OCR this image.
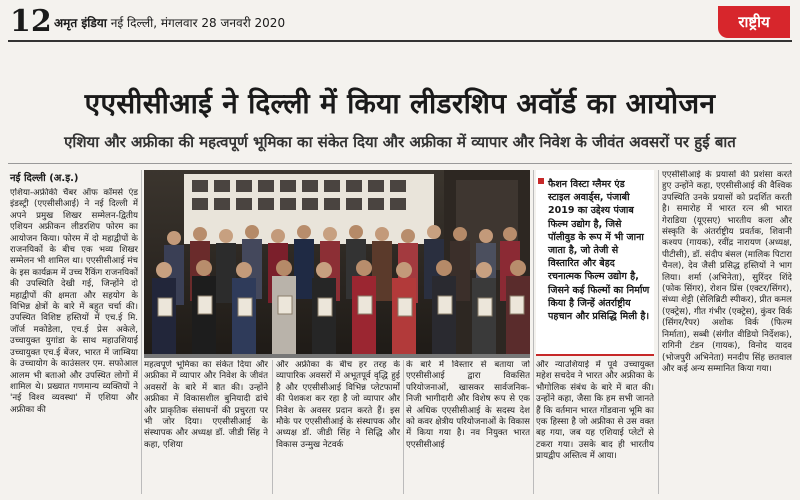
12 अमृत इंडिया नई दिल्ली, मंगलवार 28 जनवरी 2020	राष्ट्रीय
एएसीसीआई ने दिल्ली में किया लीडरशिप अवॉर्ड का आयोजन
एशिया और अफ्रीका की महत्वपूर्ण भूमिका का संकेत दिया और अफ्रीका में व्यापार और निवेश के जीवंत अवसरों पर हुई बात
नई दिल्ली (अ.इ.)
एशिया-अफ्रीकी चैंबर ऑफ कॉमर्स एंड इंडस्ट्री (एएसीसीआई) ने नई दिल्ली में अपने प्रमुख शिखर सम्मेलन-द्वितीय एशियन अफ्रीकन लीडरशिप फोरम का आयोजन किया। फोरम में दो महाद्वीपों के राजनयिकों के बीच एक भव्य शिखर सम्मेलन भी शामिल था। एएसीसीआई मंच के इस कार्यक्रम में उच्च रैंकिंग राजनयिकों की उपस्थिति देखी गई, जिन्होंने दो महाद्वीपों की क्षमता और सहयोग के विभिन्न क्षेत्रों के बारे में बहुत चर्चा की। उपस्थित विशिष्ट हस्तियों में एच.ई मि. जॉर्ज मकोडेला, एच.ई प्रेस अकेले, उच्चायुक्त युगांडा के साथ महाउशियाई उच्चायुक्त एच.ई बेंजर, भारत में जाम्बिया के उच्चायोग के काउंसलर एम. सफोआल आलम भी बताओ और उपस्थित लोगों में शामिल थे। प्रख्यात गणमान्य व्यक्तियों ने 'नई विश्व व्यवस्था' में एशिया और अफ्रीका की
महत्वपूर्ण भूमिका का संकेत दिया और अफ्रीका में व्यापार और निवेश के जीवंत अवसरों के बारे में बात की। उन्होंने अफ्रीका में विकासशील बुनियादी ढांचे और प्राकृतिक संसाधनों की प्रचुरता पर भी जोर दिया। एएसीसीआई के संस्थापक और अध्यक्ष डॉ. जीडी सिंह ने कहा, एशिया
और अफ्रीका के बीच हर तरह के व्यापारिक अवसरों में अभूतपूर्व वृद्धि हुई है और एएसीसीआई विभिन्न प्लेटफार्मों की पेशकश कर रहा है जो व्यापार और निवेश के अवसर प्रदान करते हैं। इस मौके पर एएसीसीआई के संस्थापक और अध्यक्ष डॉ. जीडी सिंह ने सिद्धि और विकास उन्मुख नेटवर्क
के बारे में विस्तार से बताया जो एएसीसीआई द्वारा विकसित परियोजनाओं, खासकर सार्वजनिक-निजी भागीदारी और विशेष रूप से एक से अधिक एएसीसीआई के सदस्य देश को कवर क्षेत्रीय परियोजनाओं के विकास में किया गया है। नव नियुक्त भारत एएसीसीआई
फैशन विस्टा ग्लैमर एंड स्टाइल अवार्ड्स, पंजाबी 2019 का उद्देश्य पंजाब फिल्म उद्योग है, जिसे पॉलीवुड के रूप में भी जाना जाता है, जो तेजी से विस्तारित और बेहद रचनात्मक फिल्म उद्योग है, जिसने कई फिल्मों का निर्माण किया है जिन्हें अंतर्राष्ट्रीय पहचान और प्रसिद्धि मिली है।
और न्याउशियाई में पूर्व उच्चायुक्त महेश सचदेव ने भारत और अफ्रीका के भौगोलिक संबंध के बारे में बात की। उन्होंने कहा, जैसा कि हम सभी जानते हैं कि वर्तमान भारत गोंडवाना भूमि का एक हिस्सा है जो अफ्रीका से उस वक्त बह गया, जब यह एशियाई प्लेटों से टकरा गया। उसके बाद ही भारतीय प्रायद्वीप अस्तित्व में आया।
एएसीसीआई के प्रयासों की प्रशंसा करते हुए उन्होंने कहा, एएसीसीआई की वैश्विक उपस्थिति उनके प्रयासों को प्रदर्शित करती है। समारोह में भारत रत्न श्री भारत गेराडिया (यूएसए) भारतीय कला और संस्कृति के अंतर्राष्ट्रीय प्रवर्तक, शिवानी कश्यप (गायक), रवींद्र नारायण (अध्यक्ष, पीटीसी), डॉ. संदीप बंसल (मालिक पिटारा चैनल), देव जैसी प्रसिद्ध हस्तियों ने भाग लिया। शर्मा (अभिनेता), सुरिंदर शिंदे (फोक सिंगर), रोशन प्रिंस (एक्टर/सिंगर), संध्या शेट्टी (सेलिब्रिटी स्पीकर), प्रीत कमल (एक्ट्रेस), गीत गंभीर (एक्ट्रेस), कुंवर विर्क (सिंगर/रैपर) अशोक विर्क (फिल्म निर्माता), सब्बी (संगीत वीडियो निर्देशक), रागिनी टंडन (गायक), विनोद यादव (भोजपुरी अभिनेता) मनदीप सिंह छतवाल और कई अन्य सम्मानित किया गया।
